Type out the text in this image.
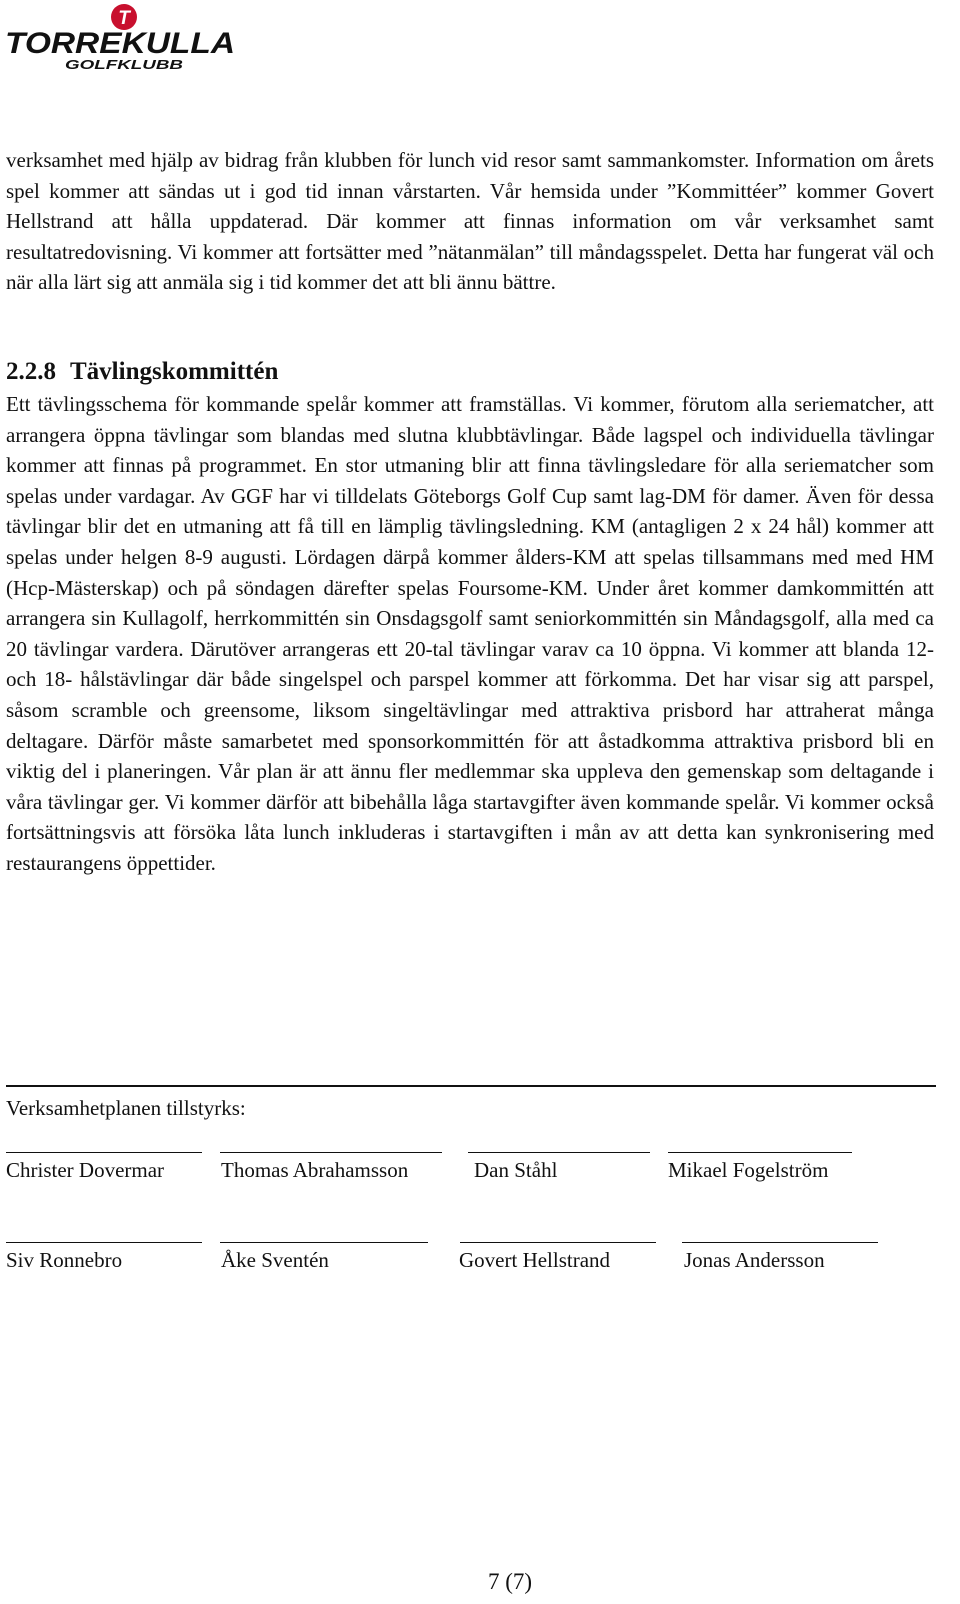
T
TORREKULLA
GOLFKLUBB

verksamhet med hjälp av bidrag från klubben för lunch vid resor samt sammankomster. Information om årets spel kommer att sändas ut i god tid innan vårstarten. Vår hemsida under ”Kommittéer” kommer Govert Hellstrand att hålla uppdaterad. Där kommer att finnas information om vår verksamhet samt resultatredovisning. Vi kommer att fortsätter med ”nätanmälan” till måndagsspelet. Detta har fungerat väl och när alla lärt sig att anmäla sig i tid kommer det att bli ännu bättre.

2.2.8 Tävlingskommittén

Ett tävlingsschema för kommande spelår kommer att framställas. Vi kommer, förutom alla seriematcher, att arrangera öppna tävlingar som blandas med slutna klubbtävlingar. Både lagspel och individuella tävlingar kommer att finnas på programmet. En stor utmaning blir att finna tävlingsledare för alla seriematcher som spelas under vardagar. Av GGF har vi tilldelats Göteborgs Golf Cup samt lag-DM för damer. Även för dessa tävlingar blir det en utmaning att få till en lämplig tävlingsledning. KM (antagligen 2 x 24 hål) kommer att spelas under helgen 8-9 augusti. Lördagen därpå kommer ålders-KM att spelas tillsammans med med HM (Hcp-Mästerskap) och på söndagen därefter spelas Foursome-KM. Under året kommer damkommittén att arrangera sin Kullagolf, herrkommittén sin Onsdagsgolf samt seniorkommittén sin Måndagsgolf, alla med ca 20 tävlingar vardera. Därutöver arrangeras ett 20-tal tävlingar varav ca 10 öppna. Vi kommer att blanda 12- och 18- hålstävlingar där både singelspel och parspel kommer att förkomma. Det har visar sig att parspel, såsom scramble och greensome, liksom singeltävlingar med attraktiva prisbord har attraherat många deltagare. Därför måste samarbetet med sponsorkommittén för att åstadkomma attraktiva prisbord bli en viktig del i planeringen. Vår plan är att ännu fler medlemmar ska uppleva den gemenskap som deltagande i våra tävlingar ger. Vi kommer därför att bibehålla låga startavgifter även kommande spelår. Vi kommer också fortsättningsvis att försöka låta lunch inkluderas i startavgiften i mån av att detta kan synkronisering med restaurangens öppettider.

Verksamhetplanen tillstyrks:

Christer Dovermar	Thomas Abrahamsson	Dan Ståhl	Mikael Fogelström

Siv Ronnebro	Åke Sventén	Govert Hellstrand	Jonas Andersson

7 (7)
